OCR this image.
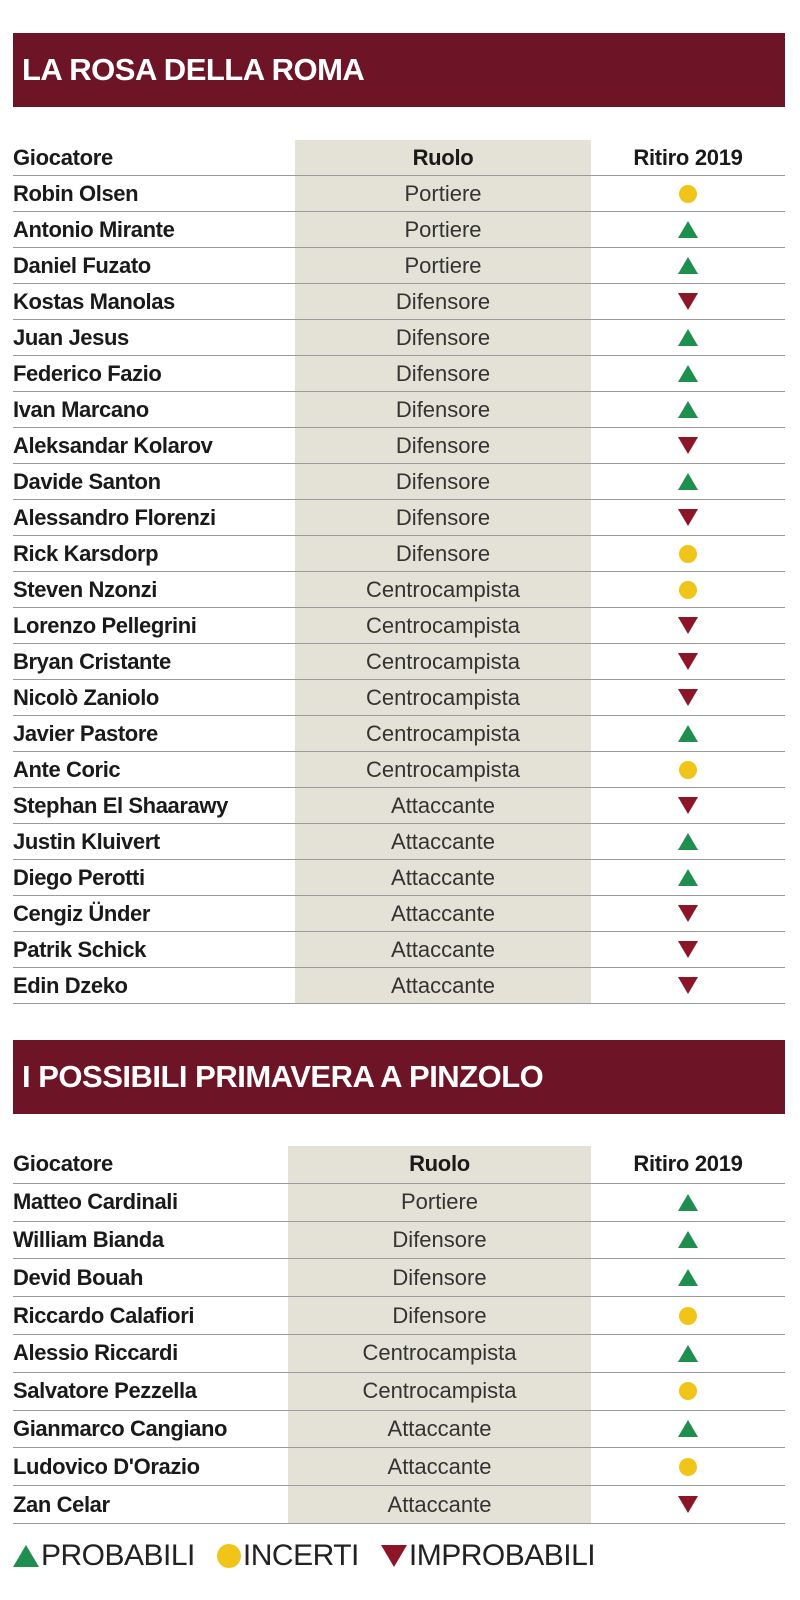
LA ROSA DELLA ROMA
Giocatore	Ruolo	Ritiro 2019
Robin Olsen	Portiere
Antonio Mirante	Portiere
Daniel Fuzato	Portiere
Kostas Manolas	Difensore
Juan Jesus	Difensore
Federico Fazio	Difensore
Ivan Marcano	Difensore
Aleksandar Kolarov	Difensore
Davide Santon	Difensore
Alessandro Florenzi	Difensore
Rick Karsdorp	Difensore
Steven Nzonzi	Centrocampista
Lorenzo Pellegrini	Centrocampista
Bryan Cristante	Centrocampista
Nicolò Zaniolo	Centrocampista
Javier Pastore	Centrocampista
Ante Coric	Centrocampista
Stephan El Shaarawy	Attaccante
Justin Kluivert	Attaccante
Diego Perotti	Attaccante
Cengiz Ünder	Attaccante
Patrik Schick	Attaccante
Edin Dzeko	Attaccante
I POSSIBILI PRIMAVERA A PINZOLO
Giocatore	Ruolo	Ritiro 2019
Matteo Cardinali	Portiere
William Bianda	Difensore
Devid Bouah	Difensore
Riccardo Calafiori	Difensore
Alessio Riccardi	Centrocampista
Salvatore Pezzella	Centrocampista
Gianmarco Cangiano	Attaccante
Ludovico D'Orazio	Attaccante
Zan Celar	Attaccante
PROBABILI INCERTI IMPROBABILI
